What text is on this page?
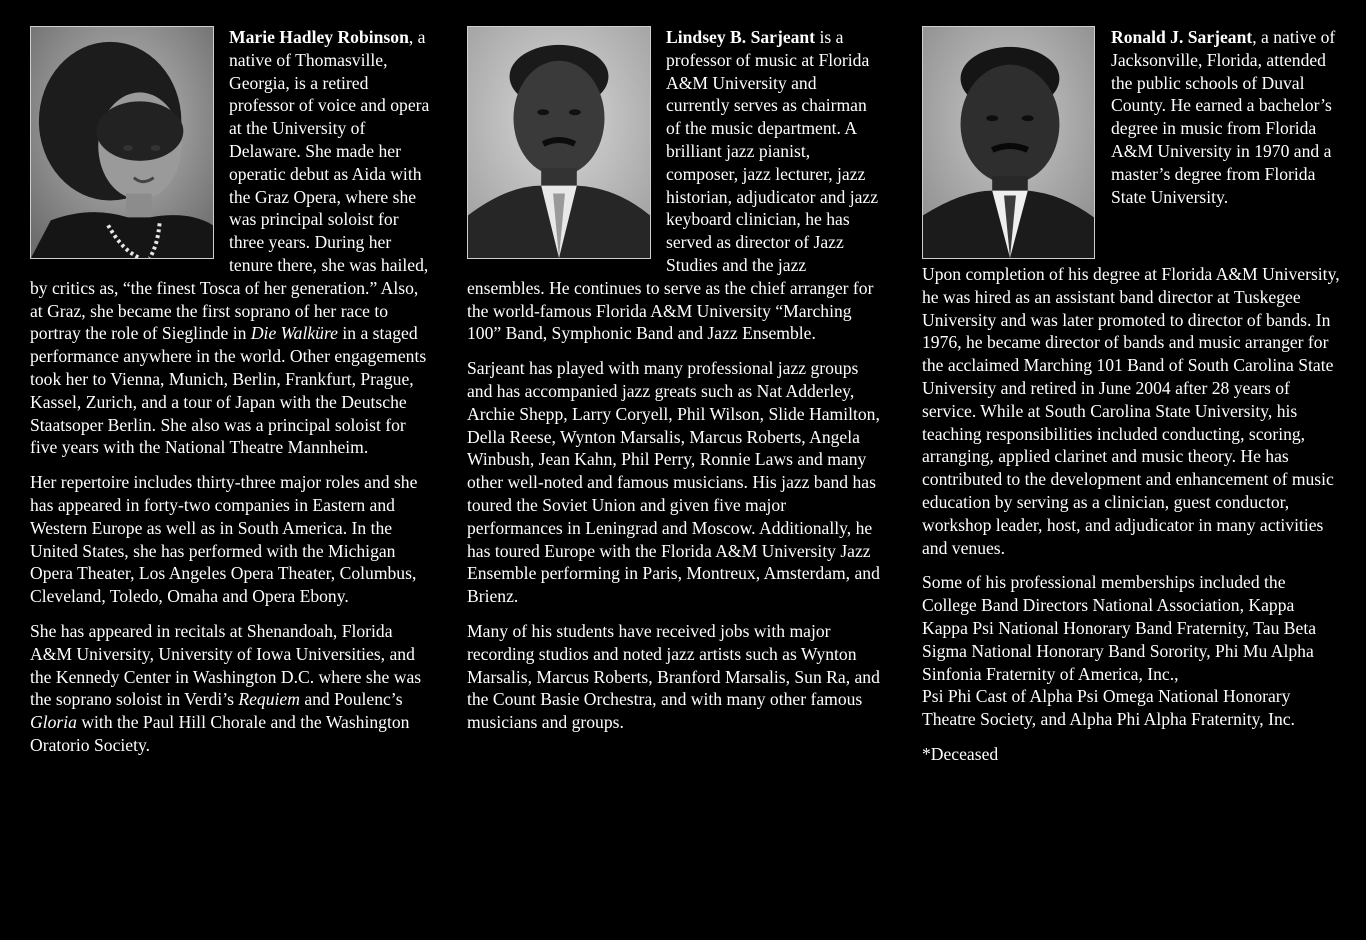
Marie Hadley Robinson, a native of Thomasville, Georgia, is a retired professor of voice and opera at the University of Delaware. She made her operatic debut as Aida with the Graz Opera, where she was principal soloist for three years. During her tenure there, she was hailed, by critics as, “the finest Tosca of her generation.” Also, at Graz, she became the first soprano of her race to portray the role of Sieglinde in Die Walküre in a staged performance anywhere in the world. Other engagements took her to Vienna, Munich, Berlin, Frankfurt, Prague, Kassel, Zurich, and a tour of Japan with the Deutsche Staatsoper Berlin. She also was a principal soloist for five years with the National Theatre Mannheim.

Her repertoire includes thirty-three major roles and she has appeared in forty-two companies in Eastern and Western Europe as well as in South America. In the United States, she has performed with the Michigan Opera Theater, Los Angeles Opera Theater, Columbus, Cleveland, Toledo, Omaha and Opera Ebony.

She has appeared in recitals at Shenandoah, Florida A&M University, University of Iowa Universities, and the Kennedy Center in Washington D.C. where she was the soprano soloist in Verdi’s Requiem and Poulenc’s Gloria with the Paul Hill Chorale and the Washington Oratorio Society.

Lindsey B. Sarjeant is a professor of music at Florida A&M University and currently serves as chairman of the music department. A brilliant jazz pianist, composer, jazz lecturer, jazz historian, adjudicator and jazz keyboard clinician, he has served as director of Jazz Studies and the jazz ensembles. He continues to serve as the chief arranger for the world-famous Florida A&M University “Marching 100” Band, Symphonic Band and Jazz Ensemble.

Sarjeant has played with many professional jazz groups and has accompanied jazz greats such as Nat Adderley, Archie Shepp, Larry Coryell, Phil Wilson, Slide Hamilton, Della Reese, Wynton Marsalis, Marcus Roberts, Angela Winbush, Jean Kahn, Phil Perry, Ronnie Laws and many other well-noted and famous musicians. His jazz band has toured the Soviet Union and given five major performances in Leningrad and Moscow. Additionally, he has toured Europe with the Florida A&M University Jazz Ensemble performing in Paris, Montreux, Amsterdam, and Brienz.

Many of his students have received jobs with major recording studios and noted jazz artists such as Wynton Marsalis, Marcus Roberts, Branford Marsalis, Sun Ra, and the Count Basie Orchestra, and with many other famous musicians and groups.

Ronald J. Sarjeant, a native of Jacksonville, Florida, attended the public schools of Duval County. He earned a bachelor’s degree in music from Florida A&M University in 1970 and a master’s degree from Florida State University.

Upon completion of his degree at Florida A&M University, he was hired as an assistant band director at Tuskegee University and was later promoted to director of bands. In 1976, he became director of bands and music arranger for the acclaimed Marching 101 Band of South Carolina State University and retired in June 2004 after 28 years of service. While at South Carolina State University, his teaching responsibilities included conducting, scoring, arranging, applied clarinet and music theory. He has contributed to the development and enhancement of music education by serving as a clinician, guest conductor, workshop leader, host, and adjudicator in many activities and venues.

Some of his professional memberships included the College Band Directors National Association, Kappa Kappa Psi National Honorary Band Fraternity, Tau Beta Sigma National Honorary Band Sorority, Phi Mu Alpha Sinfonia Fraternity of America, Inc.,
Psi Phi Cast of Alpha Psi Omega National Honorary Theatre Society, and Alpha Phi Alpha Fraternity, Inc.

*Deceased
